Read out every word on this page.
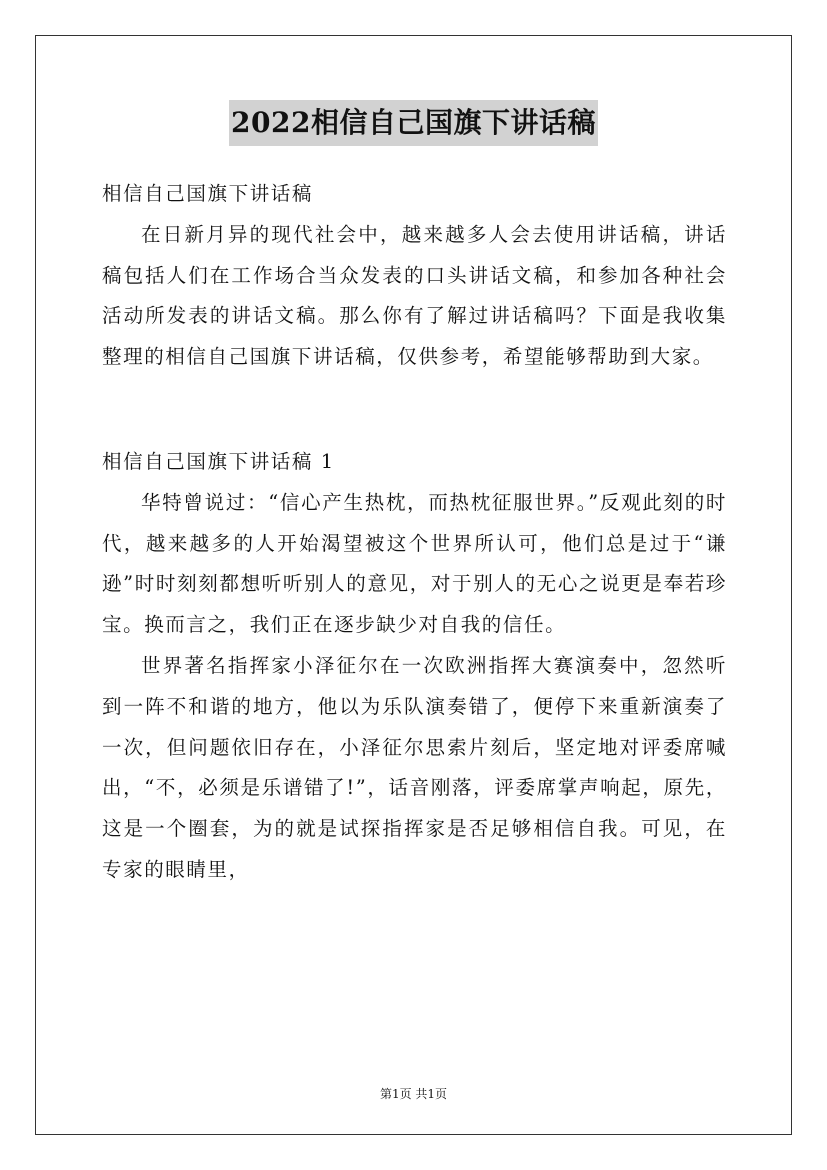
2022相信自己国旗下讲话稿

相信自己国旗下讲话稿

在日新月异的现代社会中，越来越多人会去使用讲话稿，讲话稿包括人们在工作场合当众发表的口头讲话文稿，和参加各种社会活动所发表的讲话文稿。那么你有了解过讲话稿吗？下面是我收集整理的相信自己国旗下讲话稿，仅供参考，希望能够帮助到大家。

相信自己国旗下讲话稿 1

华特曾说过：“信心产生热枕，而热枕征服世界。”反观此刻的时代，越来越多的人开始渴望被这个世界所认可，他们总是过于“谦逊”时时刻刻都想听听别人的意见，对于别人的无心之说更是奉若珍宝。换而言之，我们正在逐步缺少对自我的信任。

世界著名指挥家小泽征尔在一次欧洲指挥大赛演奏中，忽然听到一阵不和谐的地方，他以为乐队演奏错了，便停下来重新演奏了一次，但问题依旧存在，小泽征尔思索片刻后，坚定地对评委席喊出，“不，必须是乐谱错了!”，话音刚落，评委席掌声响起，原先，这是一个圈套，为的就是试探指挥家是否足够相信自我。可见，在专家的眼睛里，

第1页 共1页
